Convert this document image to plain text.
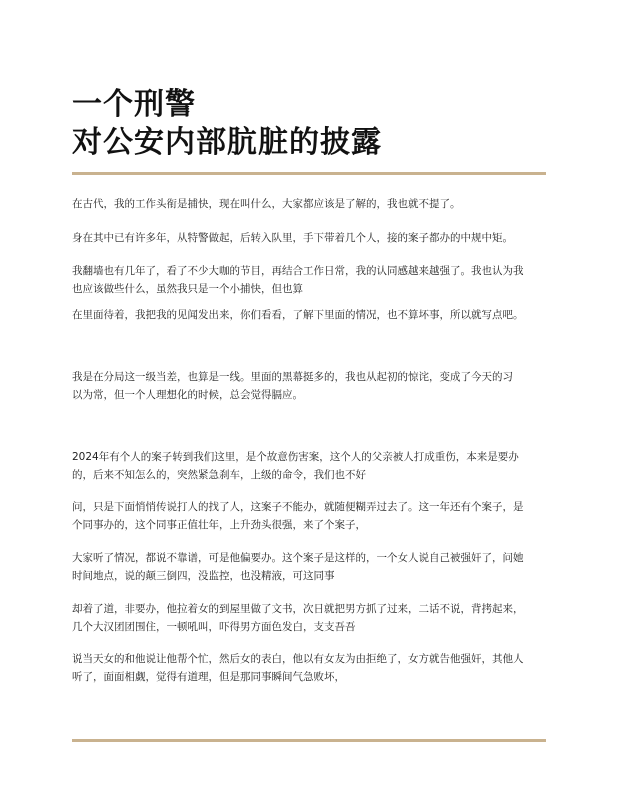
一个刑警
对公安内部肮脏的披露

在古代，我的工作头衔是捕快，现在叫什么，大家都应该是了解的，我也就不提了。

身在其中已有许多年，从特警做起，后转入队里，手下带着几个人，接的案子都办的中规中矩。

我翻墙也有几年了，看了不少大咖的节目，再结合工作日常，我的认同感越来越强了。我也认为我
也应该做些什么，虽然我只是一个小捕快，但也算

在里面待着，我把我的见闻发出来，你们看看，了解下里面的情况，也不算坏事，所以就写点吧。

我是在分局这一级当差，也算是一线。里面的黑幕挺多的，我也从起初的惊诧，变成了今天的习
以为常，但一个人理想化的时候，总会觉得膈应。

2024年有个人的案子转到我们这里，是个故意伤害案，这个人的父亲被人打成重伤，本来是要办
的，后来不知怎么的，突然紧急刹车，上级的命令，我们也不好

问，只是下面悄悄传说打人的找了人，这案子不能办，就随便糊弄过去了。这一年还有个案子，是
个同事办的，这个同事正值壮年，上升劲头很强，来了个案子，

大家听了情况，都说不靠谱，可是他偏要办。这个案子是这样的，一个女人说自己被强奸了，问她
时间地点，说的颠三倒四，没监控，也没精液，可这同事

却着了道，非要办，他拉着女的到屋里做了文书，次日就把男方抓了过来，二话不说，背拷起来，
几个大汉团团围住，一顿吼叫，吓得男方面色发白，支支吾吾

说当天女的和他说让他帮个忙，然后女的表白，他以有女友为由拒绝了，女方就告他强奸，其他人
听了，面面相觑，觉得有道理，但是那同事瞬间气急败坏，
